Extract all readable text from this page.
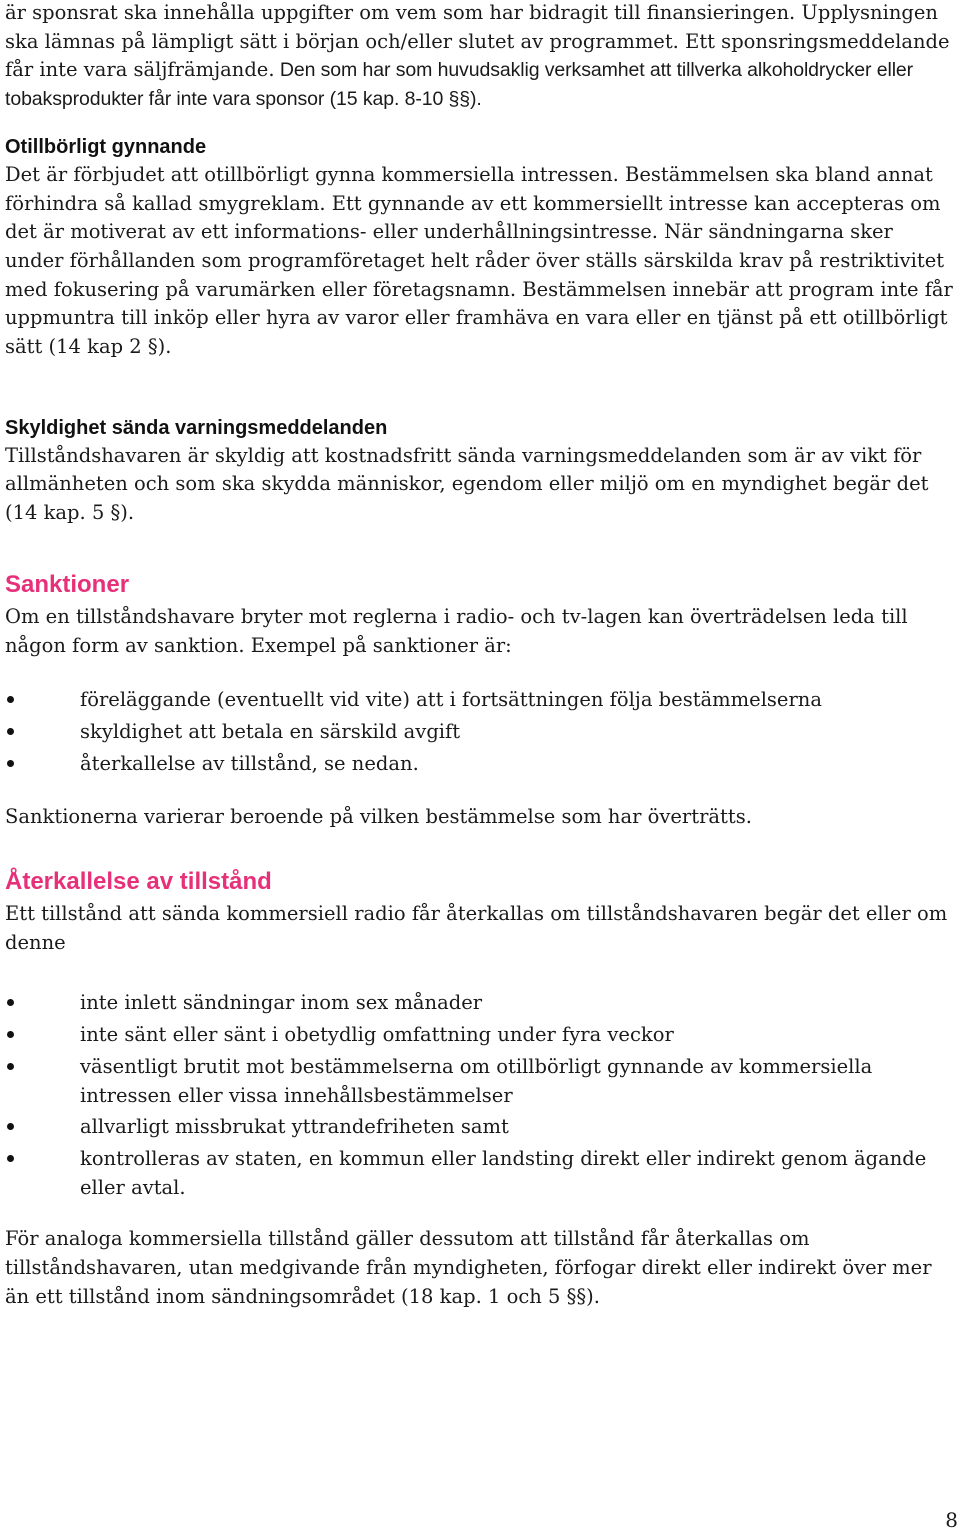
är sponsrat ska innehålla uppgifter om vem som har bidragit till finansieringen. Upplysningen ska lämnas på lämpligt sätt i början och/eller slutet av programmet. Ett sponsringsmeddelande får inte vara säljfrämjande. Den som har som huvudsaklig verksamhet att tillverka alkoholdrycker eller tobaksprodukter får inte vara sponsor (15 kap. 8-10 §§).

Otillbörligt gynnande

Det är förbjudet att otillbörligt gynna kommersiella intressen. Bestämmelsen ska bland annat förhindra så kallad smygreklam. Ett gynnande av ett kommersiellt intresse kan accepteras om det är motiverat av ett informations- eller underhållningsintresse. När sändningarna sker under förhållanden som programföretaget helt råder över ställs särskilda krav på restriktivitet med fokusering på varumärken eller företagsnamn. Bestämmelsen innebär att program inte får uppmuntra till inköp eller hyra av varor eller framhäva en vara eller en tjänst på ett otillbörligt sätt (14 kap 2 §).

Skyldighet sända varningsmeddelanden

Tillståndshavaren är skyldig att kostnadsfritt sända varningsmeddelanden som är av vikt för allmänheten och som ska skydda människor, egendom eller miljö om en myndighet begär det (14 kap. 5 §).

Sanktioner

Om en tillståndshavare bryter mot reglerna i radio- och tv-lagen kan överträdelsen leda till någon form av sanktion. Exempel på sanktioner är:

föreläggande (eventuellt vid vite) att i fortsättningen följa bestämmelserna
skyldighet att betala en särskild avgift
återkallelse av tillstånd, se nedan.

Sanktionerna varierar beroende på vilken bestämmelse som har överträtts.

Återkallelse av tillstånd

Ett tillstånd att sända kommersiell radio får återkallas om tillståndshavaren begär det eller om denne

inte inlett sändningar inom sex månader
inte sänt eller sänt i obetydlig omfattning under fyra veckor
väsentligt brutit mot bestämmelserna om otillbörligt gynnande av kommersiella intressen eller vissa innehållsbestämmelser
allvarligt missbrukat yttrandefriheten samt
kontrolleras av staten, en kommun eller landsting direkt eller indirekt genom ägande eller avtal.

För analoga kommersiella tillstånd gäller dessutom att tillstånd får återkallas om tillståndshavaren, utan medgivande från myndigheten, förfogar direkt eller indirekt över mer än ett tillstånd inom sändningsområdet (18 kap. 1 och 5 §§).

8
